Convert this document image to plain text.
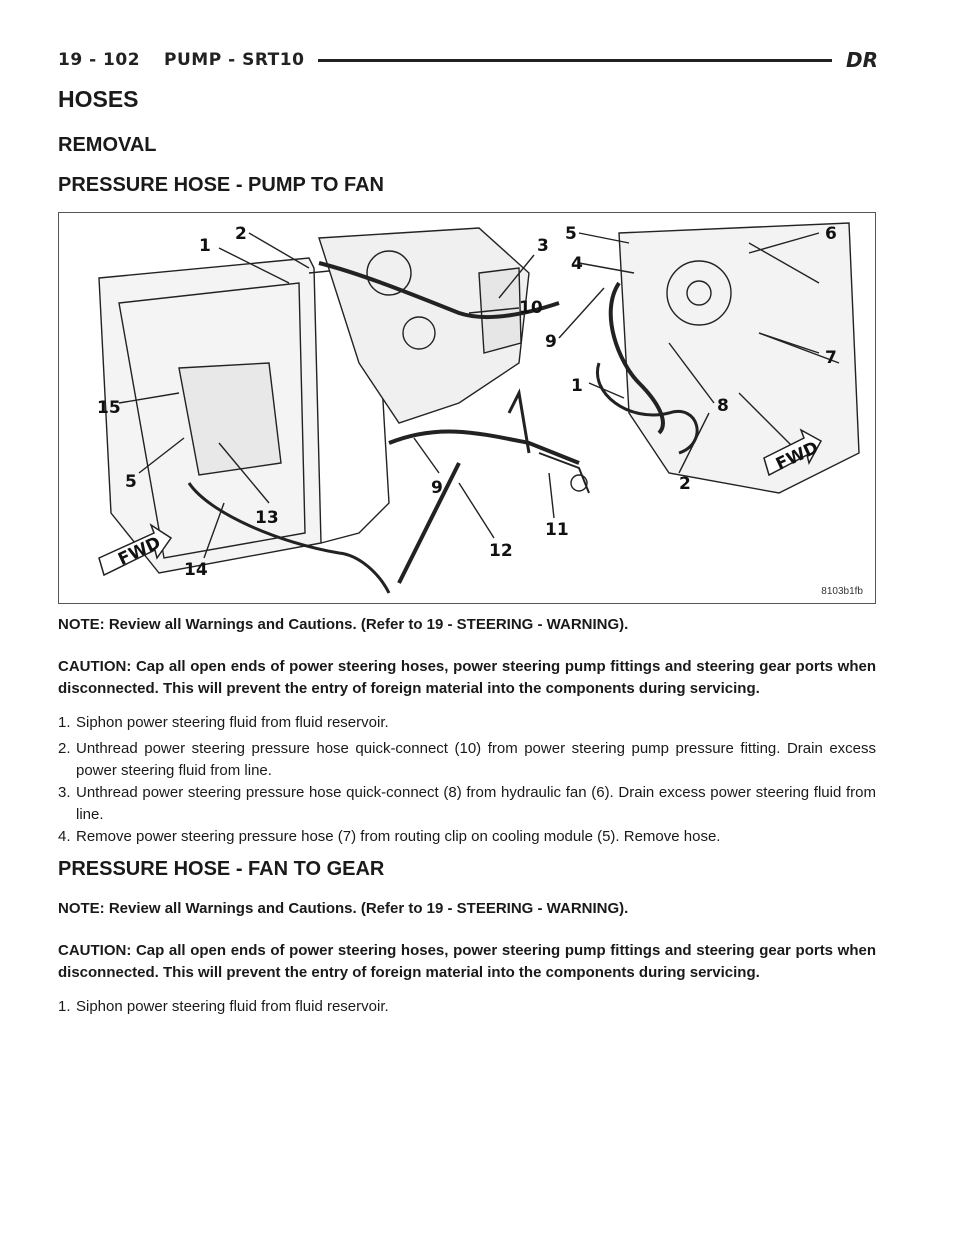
19 - 102 PUMP - SRT10	DR
HOSES
REMOVAL
PRESSURE HOSE - PUMP TO FAN
FWD
FWD
1
2
3
5	6
4
10
9
7
15
1
8
5	9	2
13
11
12
14
8103b1fb

NOTE: Review all Warnings and Cautions. (Refer to 19 - STEERING - WARNING).

CAUTION: Cap all open ends of power steering hoses, power steering pump fittings and steering gear ports when disconnected. This will prevent the entry of foreign material into the components during servicing.

1. Siphon power steering fluid from fluid reservoir.
2. Unthread power steering pressure hose quick-connect (10) from power steering pump pressure fitting. Drain excess power steering fluid from line.
3. Unthread power steering pressure hose quick-connect (8) from hydraulic fan (6). Drain excess power steering fluid from line.
4. Remove power steering pressure hose (7) from routing clip on cooling module (5). Remove hose.
PRESSURE HOSE - FAN TO GEAR

NOTE: Review all Warnings and Cautions. (Refer to 19 - STEERING - WARNING).

CAUTION: Cap all open ends of power steering hoses, power steering pump fittings and steering gear ports when disconnected. This will prevent the entry of foreign material into the components during servicing.

1. Siphon power steering fluid from fluid reservoir.
